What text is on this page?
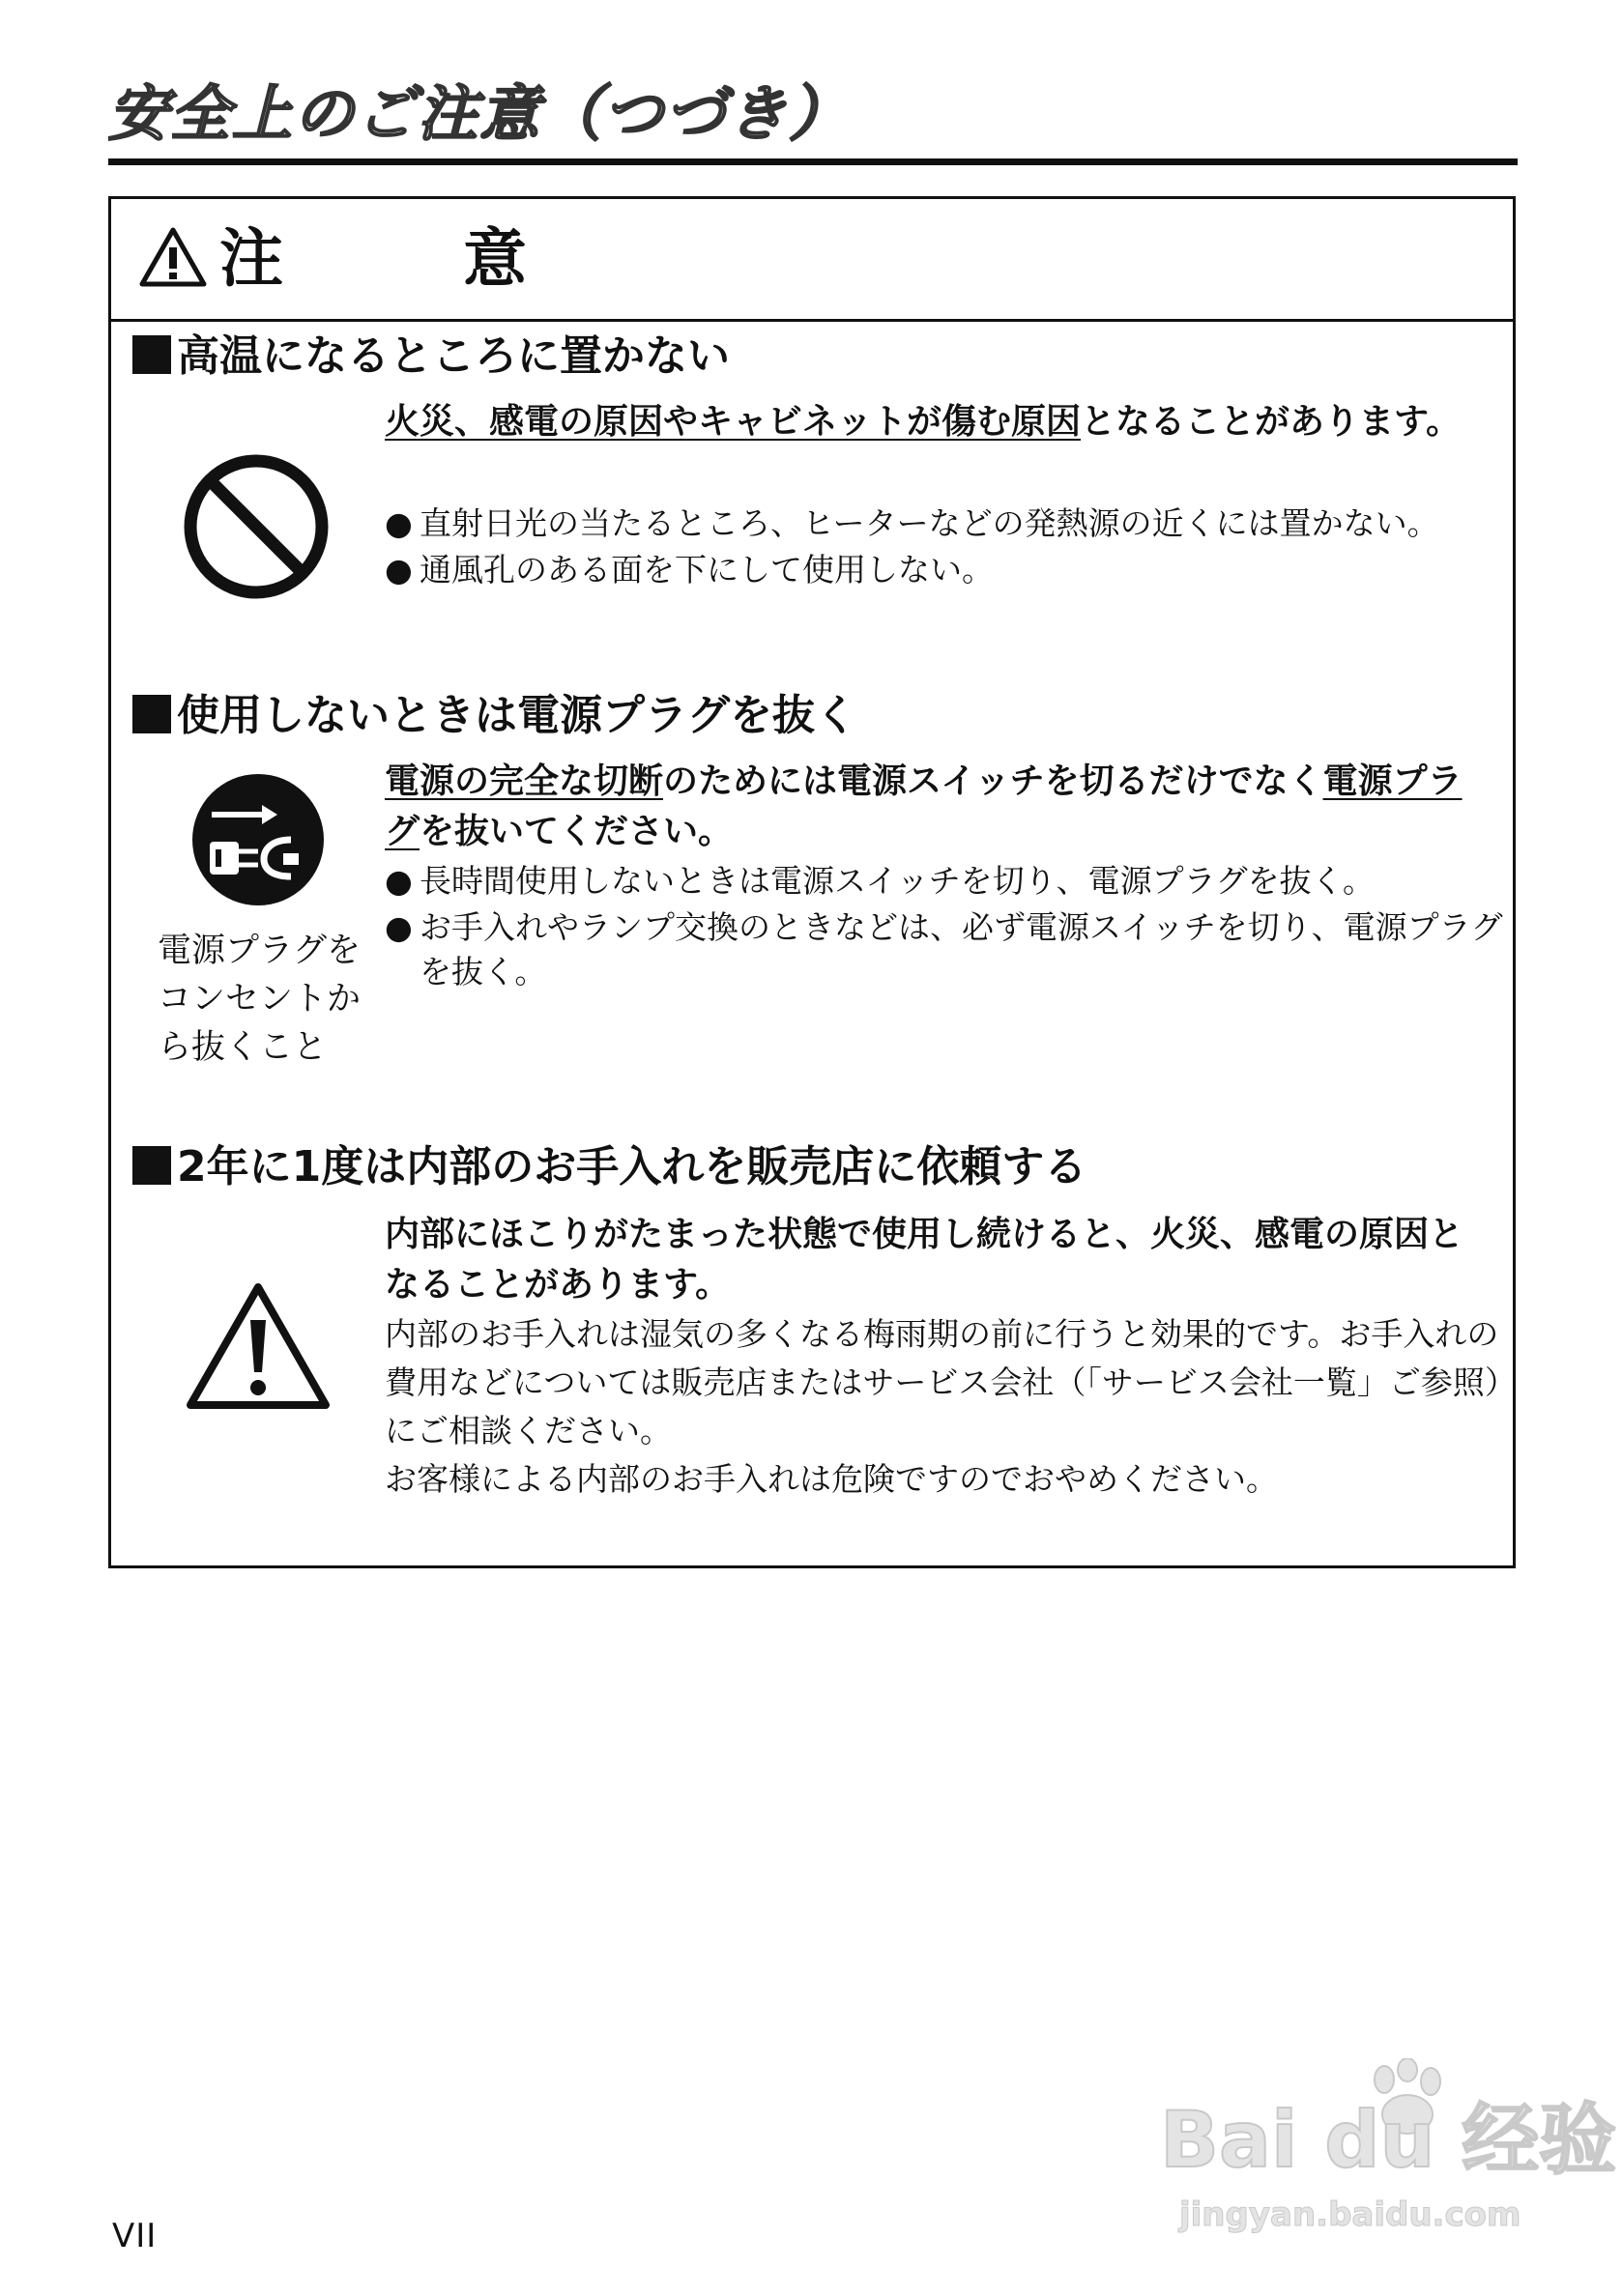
安全上のご注意（つづき）
注　意
高温になるところに置かない
火災、感電の原因やキャビネットが傷む原因となることがあります。
● 直射日光の当たるところ、ヒーターなどの発熱源の近くには置かない。
● 通風孔のある面を下にして使用しない。
使用しないときは電源プラグを抜く
電源プラグをコンセントから抜くこと
電源の完全な切断のためには電源スイッチを切るだけでなく電源プラグを抜いてください。
● 長時間使用しないときは電源スイッチを切り、電源プラグを抜く。
● お手入れやランプ交換のときなどは、必ず電源スイッチを切り、電源プラグを抜く。
2年に1度は内部のお手入れを販売店に依頼する
内部にほこりがたまった状態で使用し続けると、火災、感電の原因となることがあります。
内部のお手入れは湿気の多くなる梅雨期の前に行うと効果的です。お手入れの費用などについては販売店またはサービス会社（「サービス会社一覧」ご参照）にご相談ください。
お客様による内部のお手入れは危険ですのでおやめください。
VII
Bai du 经验
jingyan.baidu.com
